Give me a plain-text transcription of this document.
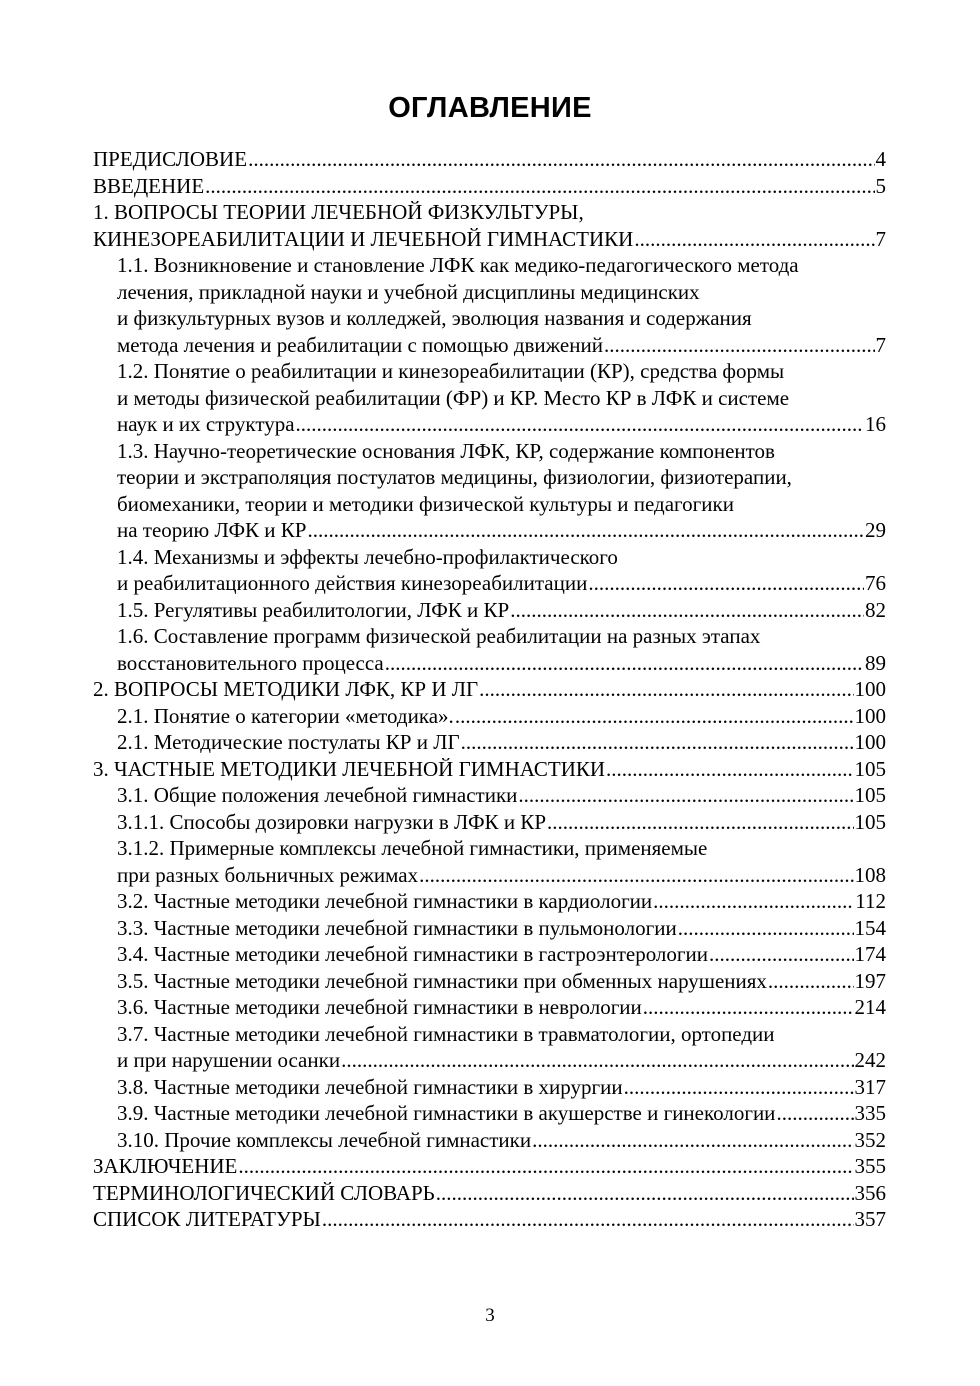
ОГЛАВЛЕНИЕ
ПРЕДИСЛОВИЕ .....	4
ВВЕДЕНИЕ .....	5
1. ВОПРОСЫ ТЕОРИИ ЛЕЧЕБНОЙ ФИЗКУЛЬТУРЫ,
КИНЕЗОРЕАБИЛИТАЦИИ И ЛЕЧЕБНОЙ ГИМНАСТИКИ .....	7
1.1. Возникновение и становление ЛФК как медико-педагогического метода
лечения, прикладной науки и учебной дисциплины медицинских
и физкультурных вузов и колледжей, эволюция названия и содержания
метода лечения и реабилитации с помощью движений .....	7
1.2. Понятие о реабилитации и кинезореабилитации (КР), средства формы
и методы физической реабилитации (ФР) и КР. Место КР в ЛФК и системе
наук и их структура .....	16
1.3. Научно-теоретические основания ЛФК, КР, содержание компонентов
теории и экстраполяция постулатов медицины, физиологии, физиотерапии,
биомеханики, теории и методики физической культуры и педагогики
на теорию ЛФК и КР .....	29
1.4. Механизмы и эффекты лечебно-профилактического
и реабилитационного действия кинезореабилитации .....	76
1.5. Регулятивы реабилитологии, ЛФК и КР .....	82
1.6. Составление программ физической реабилитации на разных этапах
восстановительного процесса .....	89
2. ВОПРОСЫ МЕТОДИКИ ЛФК, КР И ЛГ .....	100
2.1. Понятие о категории «методика». .....	100
2.1. Методические постулаты КР и ЛГ .....	100
3. ЧАСТНЫЕ МЕТОДИКИ ЛЕЧЕБНОЙ ГИМНАСТИКИ .....	105
3.1. Общие положения лечебной гимнастики .....	105
3.1.1. Способы дозировки нагрузки в ЛФК и КР .....	105
3.1.2. Примерные комплексы лечебной гимнастики, применяемые
при разных больничных режимах .....	108
3.2. Частные методики лечебной гимнастики в кардиологии .....	112
3.3. Частные методики лечебной гимнастики в пульмонологии .....	154
3.4. Частные методики лечебной гимнастики в гастроэнтерологии .....	174
3.5. Частные методики лечебной гимнастики при обменных нарушениях .....	197
3.6. Частные методики лечебной гимнастики в неврологии .....	214
3.7. Частные методики лечебной гимнастики в травматологии, ортопедии
и при нарушении осанки .....	242
3.8. Частные методики лечебной гимнастики в хирургии .....	317
3.9. Частные методики лечебной гимнастики в акушерстве и гинекологии .....	335
3.10. Прочие комплексы лечебной гимнастики .....	352
ЗАКЛЮЧЕНИЕ .....	355
ТЕРМИНОЛОГИЧЕСКИЙ СЛОВАРЬ .....	356
СПИСОК ЛИТЕРАТУРЫ .....	357

3
